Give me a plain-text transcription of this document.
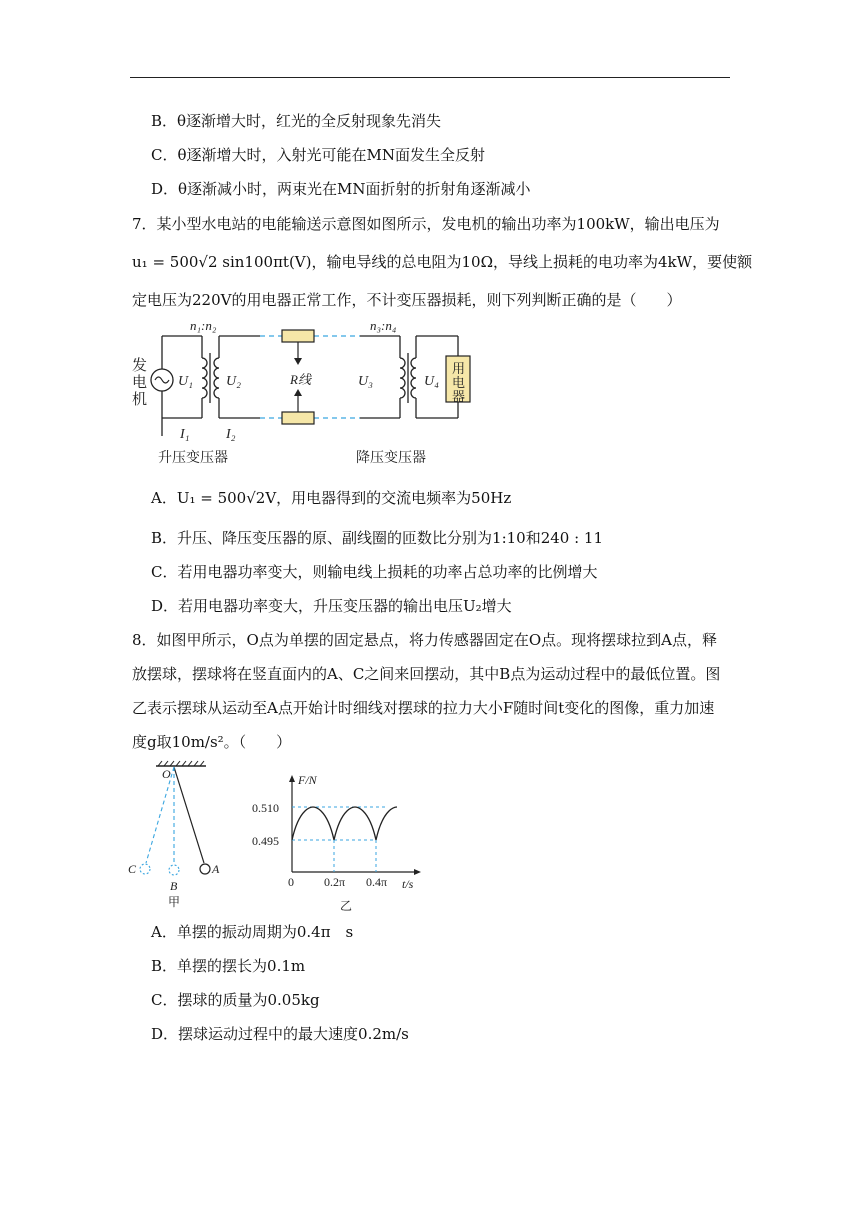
B．θ逐渐增大时，红光的全反射现象先消失
C．θ逐渐增大时，入射光可能在MN面发生全反射
D．θ逐渐减小时，两束光在MN面折射的折射角逐渐减小
7．某小型水电站的电能输送示意图如图所示，发电机的输出功率为100kW，输出电压为
u₁ = 500√2 sin100πt(V)，输电导线的总电阻为10Ω，导线上损耗的电功率为4kW，要使额
定电压为220V的用电器正常工作，不计变压器损耗，则下列判断正确的是（　　）
发
电
机
n₁:n₂	n₃:n₄
U₁ U₂	R线	U₃	U₄
用
电
器
I₁	I₂
升压变压器	降压变压器
A．U₁ = 500√2V，用电器得到的交流电频率为50Hz
B．升压、降压变压器的原、副线圈的匝数比分别为1:10和240 : 11
C．若用电器功率变大，则输电线上损耗的功率占总功率的比例增大
D．若用电器功率变大，升压变压器的输出电压U₂增大
8．如图甲所示，O点为单摆的固定悬点，将力传感器固定在O点。现将摆球拉到A点，释
放摆球，摆球将在竖直面内的A、C之间来回摆动，其中B点为运动过程中的最低位置。图
乙表示摆球从运动至A点开始计时细线对摆球的拉力大小F随时间t变化的图像，重力加速
度g取10m/s²。（　　）
O
A
B
C
甲
F/N
t/s
0.510
0.495
0	0.2π 0.4π
乙
A．单摆的振动周期为0.4π　s
B．单摆的摆长为0.1m
C．摆球的质量为0.05kg
D．摆球运动过程中的最大速度0.2m/s
